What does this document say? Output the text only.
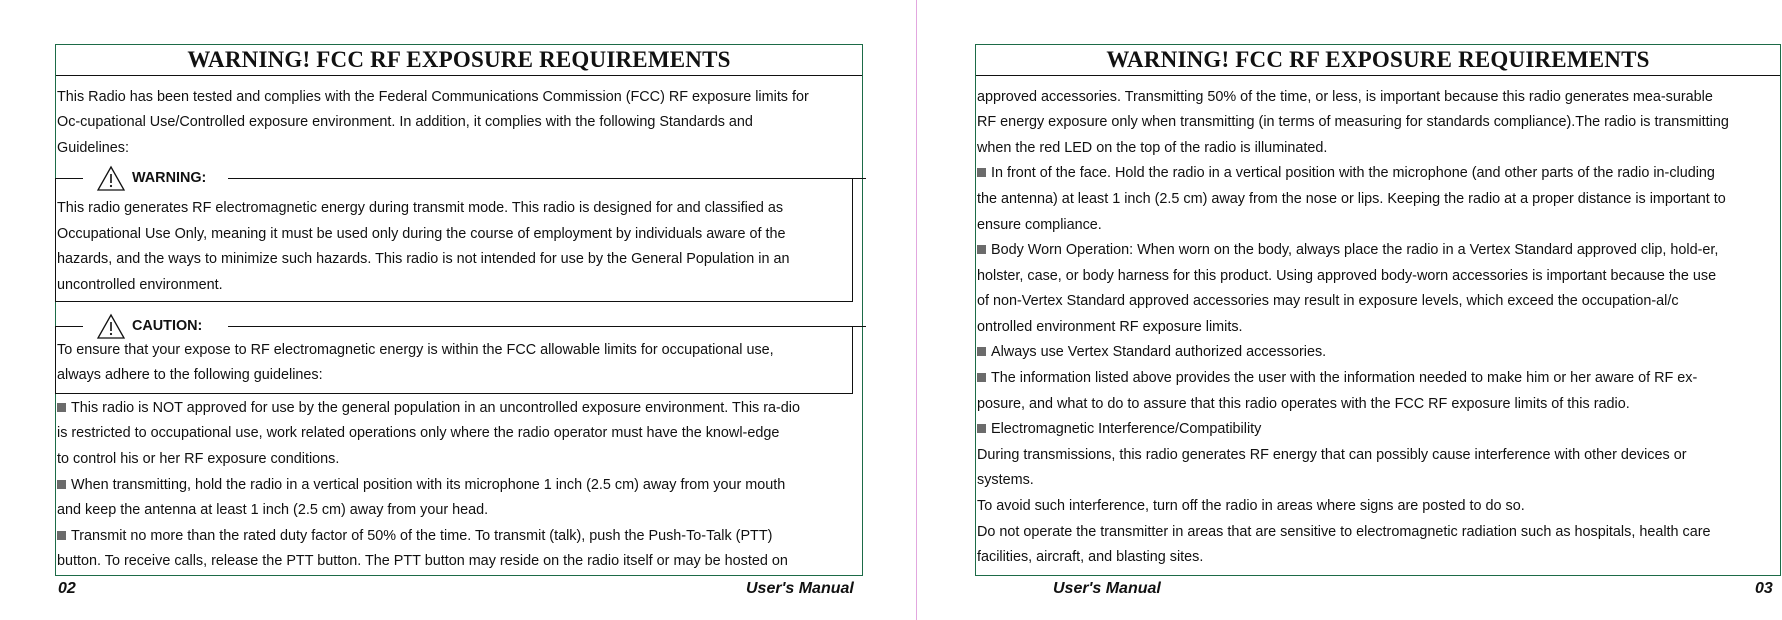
WARNING! FCC RF EXPOSURE REQUIREMENTS
This Radio has been tested and complies with the Federal Communications Commission (FCC) RF exposure limits for
Oc-cupational Use/Controlled exposure environment. In addition, it complies with the following Standards and
Guidelines:
WARNING:
This radio generates RF electromagnetic energy during transmit mode. This radio is designed for and classified as
Occupational Use Only, meaning it must be used only during the course of employment by individuals aware of the
hazards, and the ways to minimize such hazards. This radio is not intended for use by the General Population in an
uncontrolled environment.
CAUTION:
To ensure that your expose to RF electromagnetic energy is within the FCC allowable limits for occupational use,
always adhere to the following guidelines:
This radio is NOT approved for use by the general population in an uncontrolled exposure environment. This ra-dio
is restricted to occupational use, work related operations only where the radio operator must have the knowl-edge
to control his or her RF exposure conditions.
When transmitting, hold the radio in a vertical position with its microphone 1 inch (2.5 cm) away from your mouth
and keep the antenna at least 1 inch (2.5 cm) away from your head.
Transmit no more than the rated duty factor of 50% of the time. To transmit (talk), push the Push-To-Talk (PTT)
button. To receive calls, release the PTT button. The PTT button may reside on the radio itself or may be hosted on
02	User's Manual
WARNING! FCC RF EXPOSURE REQUIREMENTS
approved accessories. Transmitting 50% of the time, or less, is important because this radio generates mea-surable
RF energy exposure only when transmitting (in terms of measuring for standards compliance).The radio is transmitting
when the red LED on the top of the radio is illuminated.
In front of the face. Hold the radio in a vertical position with the microphone (and other parts of the radio in-cluding
the antenna) at least 1 inch (2.5 cm) away from the nose or lips. Keeping the radio at a proper distance is important to
ensure compliance.
Body Worn Operation: When worn on the body, always place the radio in a Vertex Standard approved clip, hold-er,
holster, case, or body harness for this product. Using approved body-worn accessories is important because the use
of non-Vertex Standard approved accessories may result in exposure levels, which exceed the occupation-al/c
ontrolled environment RF exposure limits.
Always use Vertex Standard authorized accessories.
The information listed above provides the user with the information needed to make him or her aware of RF ex-
posure, and what to do to assure that this radio operates with the FCC RF exposure limits of this radio.
Electromagnetic Interference/Compatibility
During transmissions, this radio generates RF energy that can possibly cause interference with other devices or
systems.
To avoid such interference, turn off the radio in areas where signs are posted to do so.
Do not operate the transmitter in areas that are sensitive to electromagnetic radiation such as hospitals, health care
facilities, aircraft, and blasting sites.
User's Manual	03
